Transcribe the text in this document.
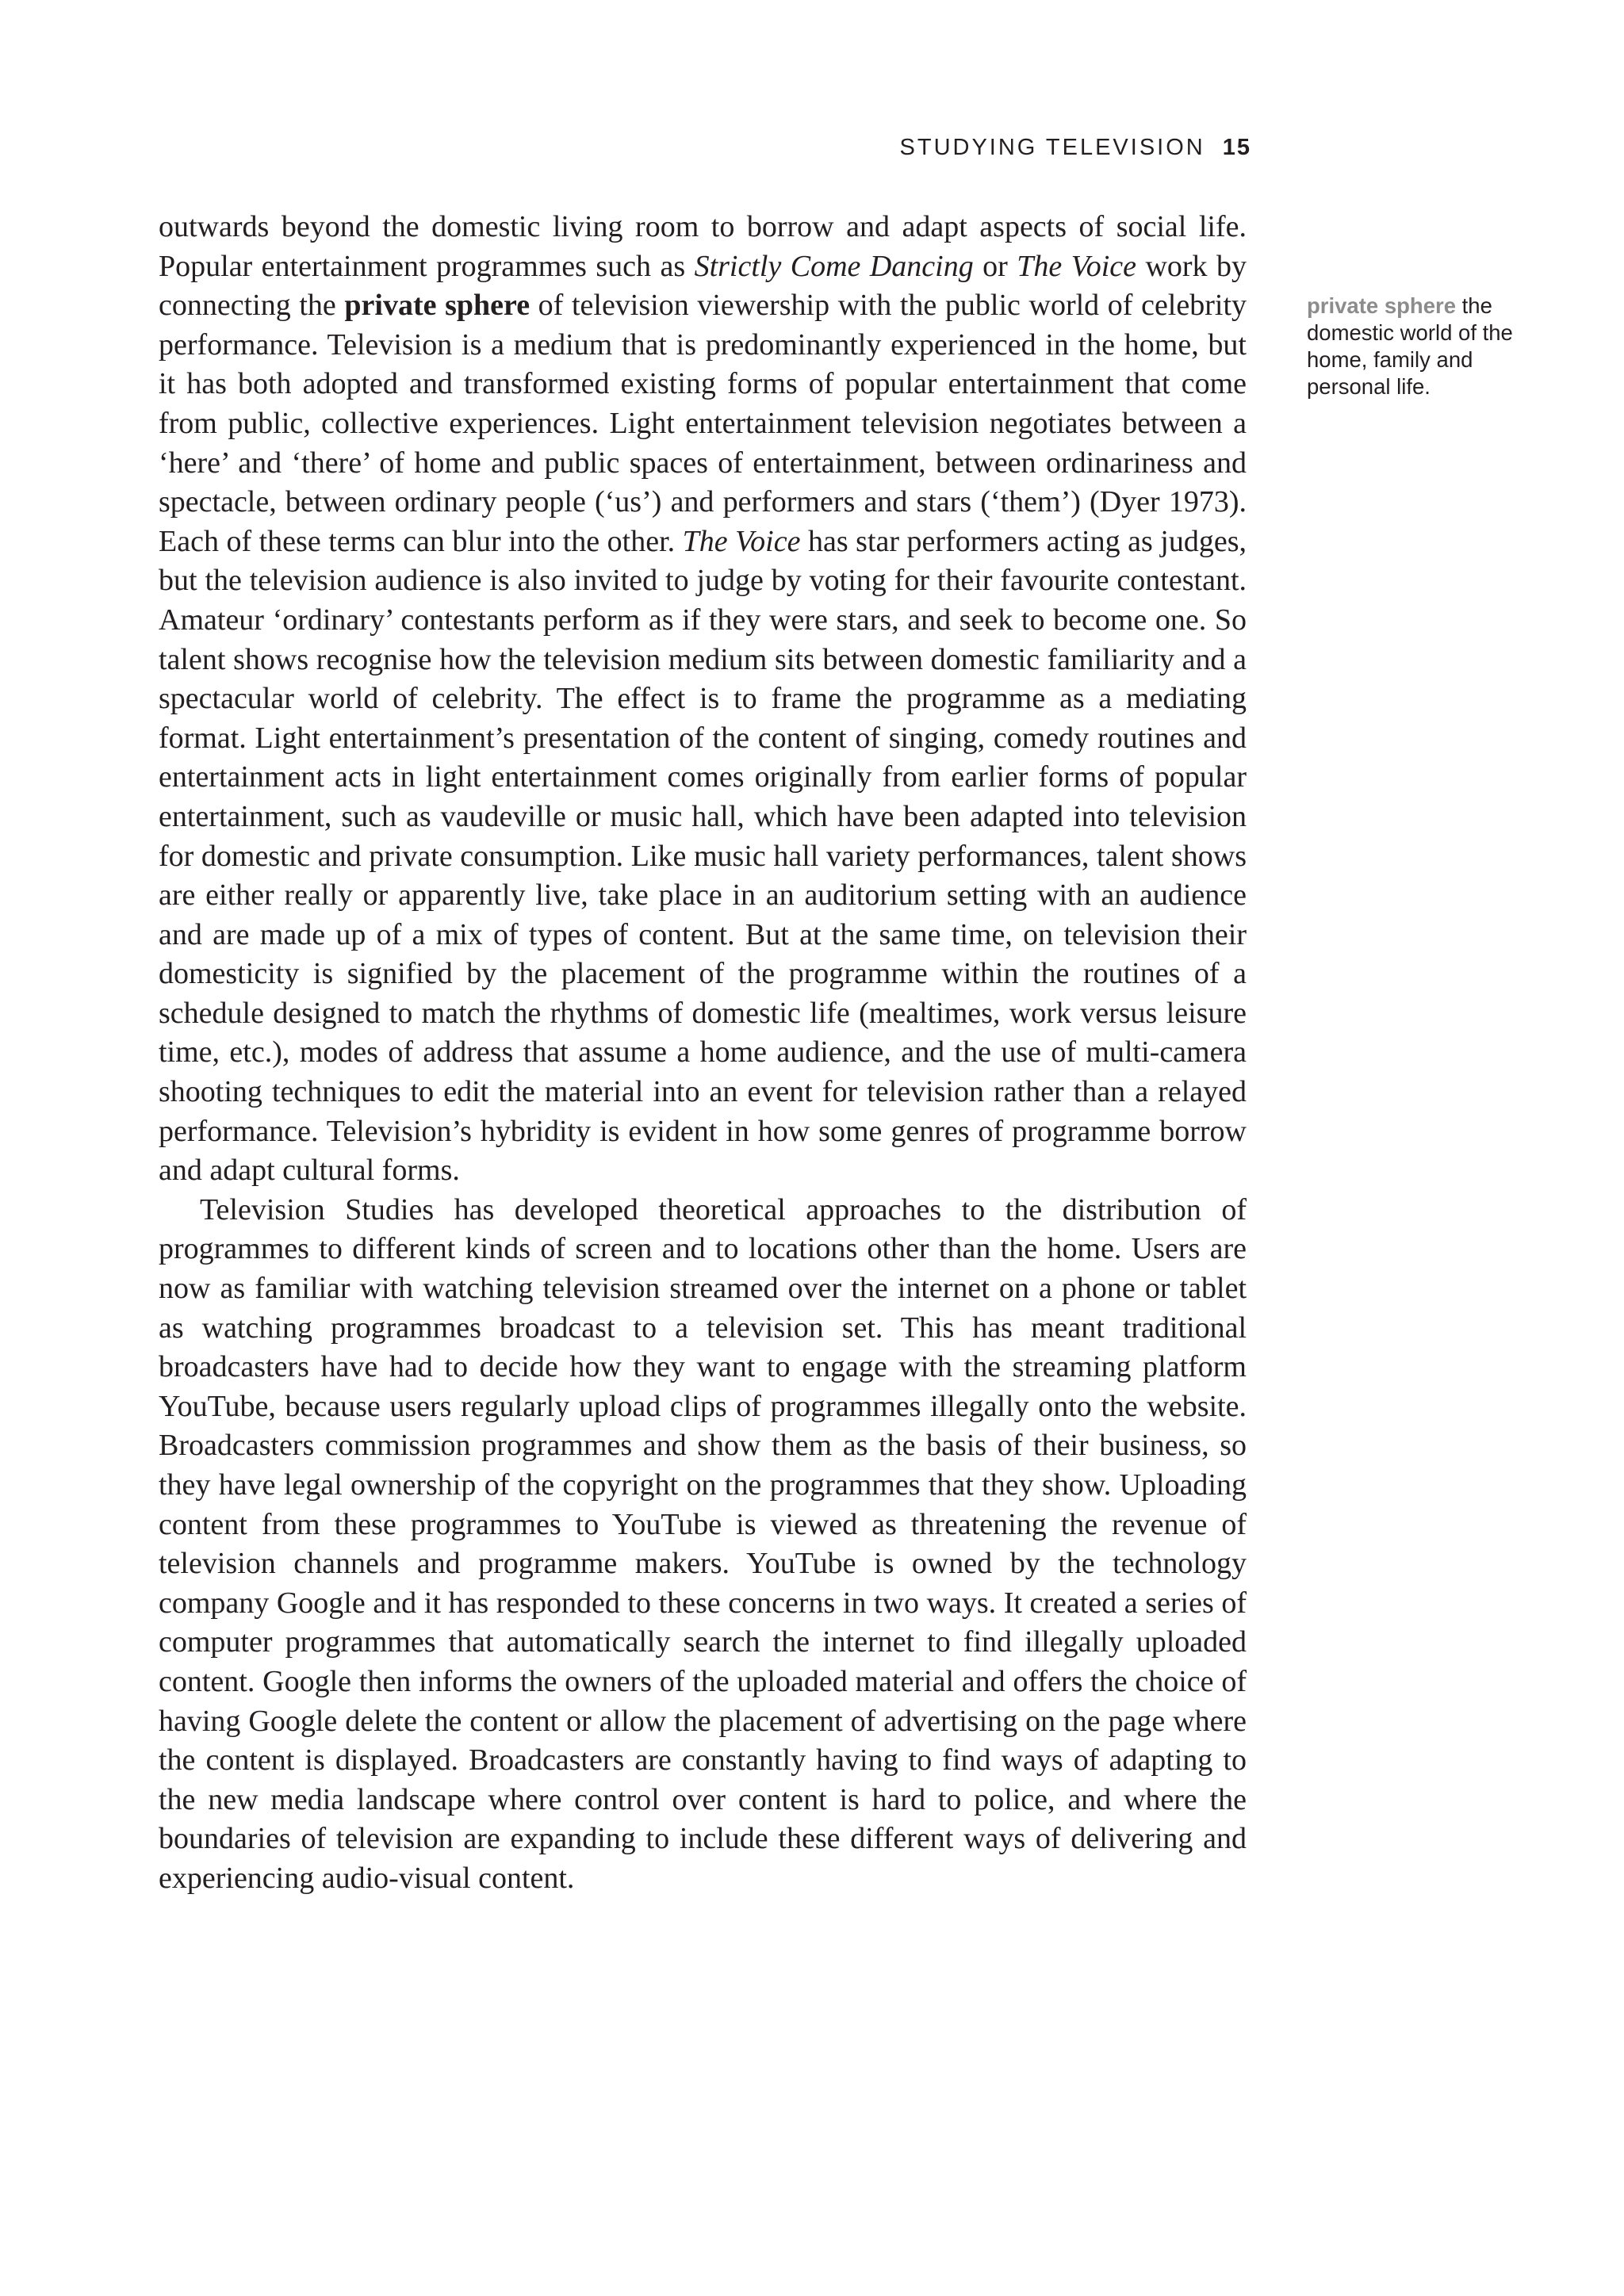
STUDYING TELEVISION 15

outwards beyond the domestic living room to borrow and adapt aspects of social life. Popular entertainment programmes such as Strictly Come Dancing or The Voice work by connecting the private sphere of television viewership with the public world of celebrity performance. Television is a medium that is predominantly experienced in the home, but it has both adopted and transformed existing forms of popular entertainment that come from public, collective experiences. Light entertainment television negotiates between a ‘here’ and ‘there’ of home and public spaces of entertainment, between ordinariness and spectacle, between ordinary people (‘us’) and performers and stars (‘them’) (Dyer 1973). Each of these terms can blur into the other. The Voice has star performers acting as judges, but the television audience is also invited to judge by voting for their favourite contestant. Amateur ‘ordinary’ contestants perform as if they were stars, and seek to become one. So talent shows recognise how the television medium sits between domestic familiarity and a spectacular world of celebrity. The effect is to frame the programme as a mediating format. Light entertainment’s presentation of the content of singing, comedy routines and entertainment acts in light entertainment comes originally from earlier forms of popular entertainment, such as vaudeville or music hall, which have been adapted into television for domestic and private consumption. Like music hall variety performances, talent shows are either really or apparently live, take place in an auditorium setting with an audience and are made up of a mix of types of content. But at the same time, on television their domesticity is signified by the placement of the programme within the routines of a schedule designed to match the rhythms of domestic life (mealtimes, work versus leisure time, etc.), modes of address that assume a home audience, and the use of multi-camera shooting techniques to edit the material into an event for television rather than a relayed performance. Television’s hybridity is evident in how some genres of programme borrow and adapt cultural forms.

Television Studies has developed theoretical approaches to the distribution of programmes to different kinds of screen and to locations other than the home. Users are now as familiar with watching television streamed over the internet on a phone or tablet as watching programmes broadcast to a television set. This has meant traditional broadcasters have had to decide how they want to engage with the streaming platform YouTube, because users regularly upload clips of programmes illegally onto the website. Broadcasters commission programmes and show them as the basis of their business, so they have legal ownership of the copyright on the programmes that they show. Uploading content from these programmes to YouTube is viewed as threatening the revenue of television channels and programme makers. YouTube is owned by the technology company Google and it has responded to these concerns in two ways. It created a series of computer programmes that automatically search the internet to find illegally uploaded content. Google then informs the owners of the uploaded material and offers the choice of having Google delete the content or allow the placement of advertising on the page where the content is displayed. Broadcasters are constantly having to find ways of adapting to the new media landscape where control over content is hard to police, and where the boundaries of television are expanding to include these different ways of delivering and experiencing audio-visual content.

private sphere the domestic world of the home, family and personal life.
